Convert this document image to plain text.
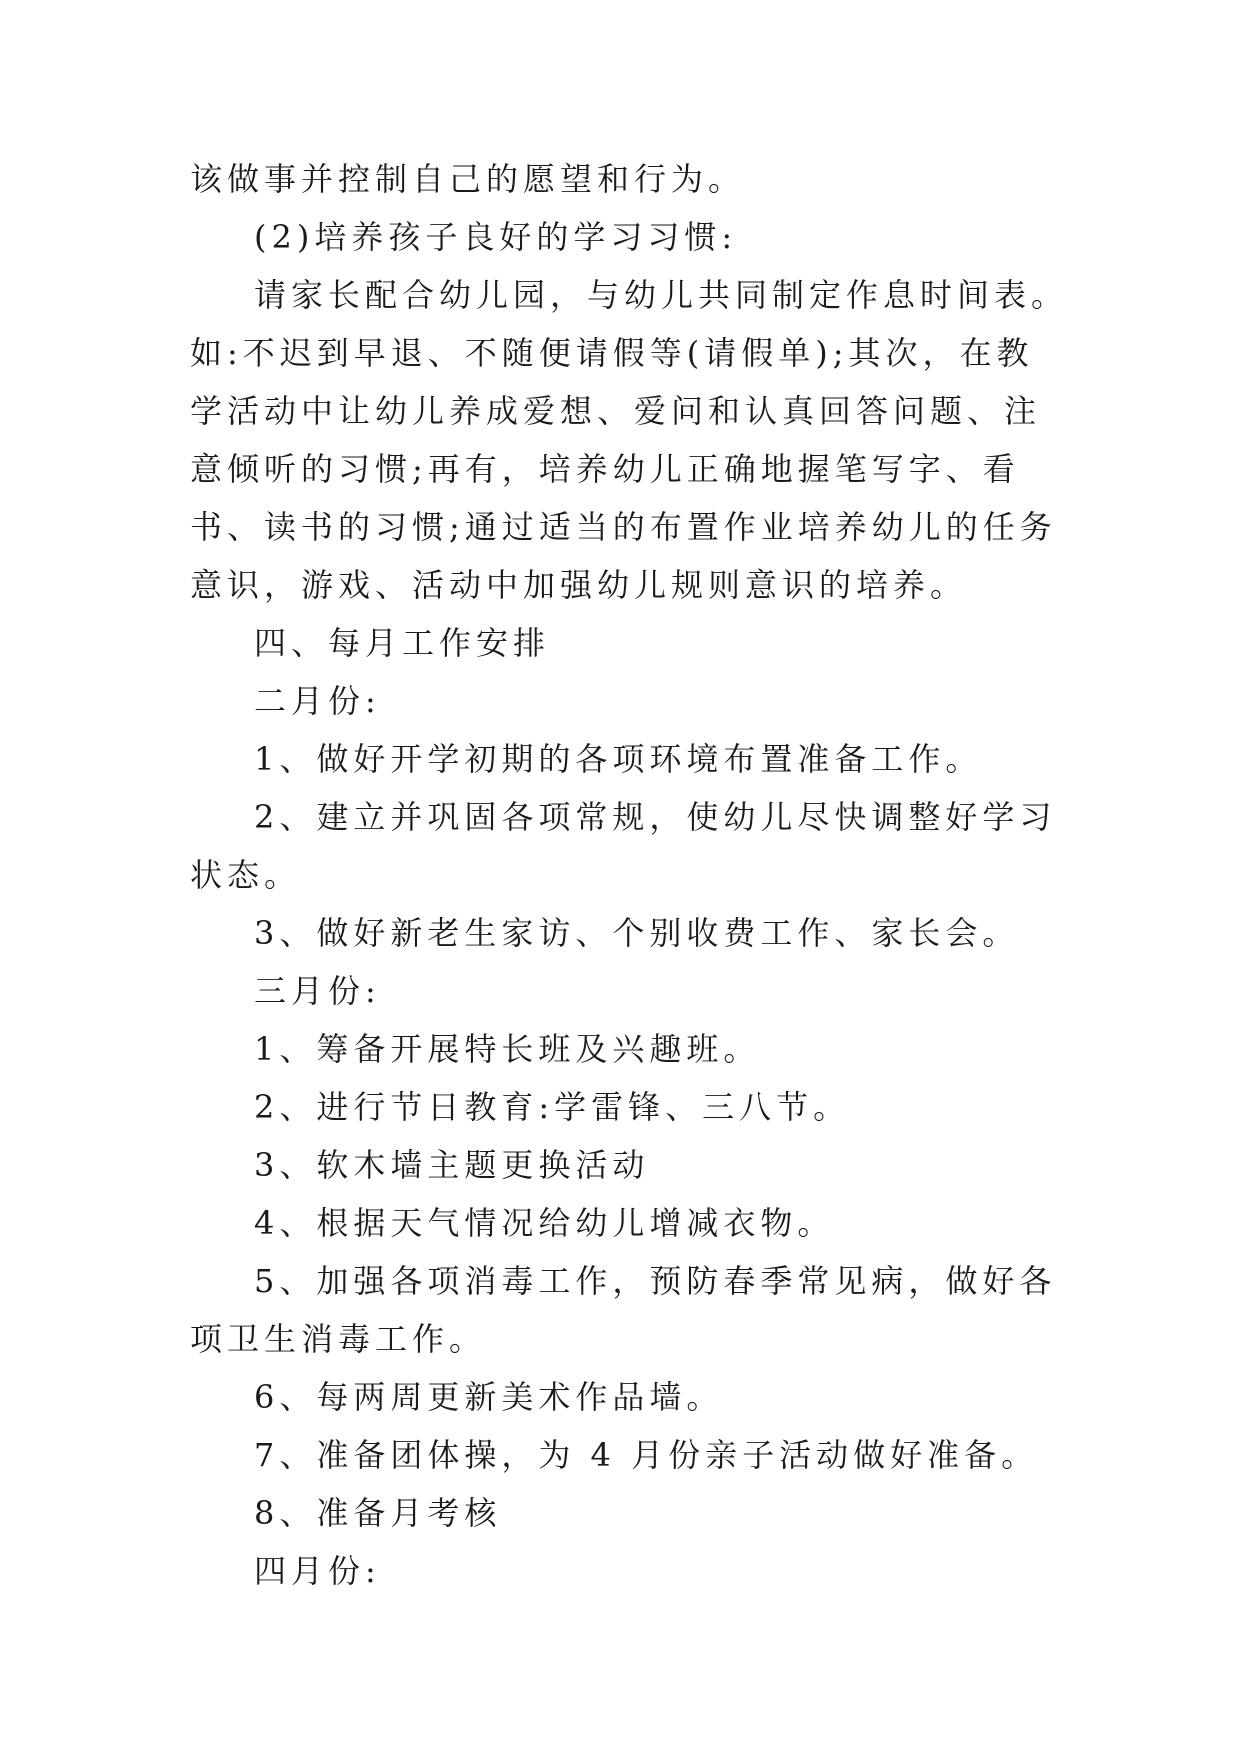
该做事并控制自己的愿望和行为。

(2)培养孩子良好的学习习惯:

请家长配合幼儿园，与幼儿共同制定作息时间表。如:不迟到早退、不随便请假等(请假单);其次，在教学活动中让幼儿养成爱想、爱问和认真回答问题、注意倾听的习惯;再有，培养幼儿正确地握笔写字、看书、读书的习惯;通过适当的布置作业培养幼儿的任务意识，游戏、活动中加强幼儿规则意识的培养。

四、每月工作安排

二月份:

1、做好开学初期的各项环境布置准备工作。

2、建立并巩固各项常规，使幼儿尽快调整好学习状态。

3、做好新老生家访、个别收费工作、家长会。

三月份:

1、筹备开展特长班及兴趣班。

2、进行节日教育:学雷锋、三八节。

3、软木墙主题更换活动

4、根据天气情况给幼儿增减衣物。

5、加强各项消毒工作，预防春季常见病，做好各项卫生消毒工作。

6、每两周更新美术作品墙。

7、准备团体操，为 4 月份亲子活动做好准备。

8、准备月考核

四月份:
